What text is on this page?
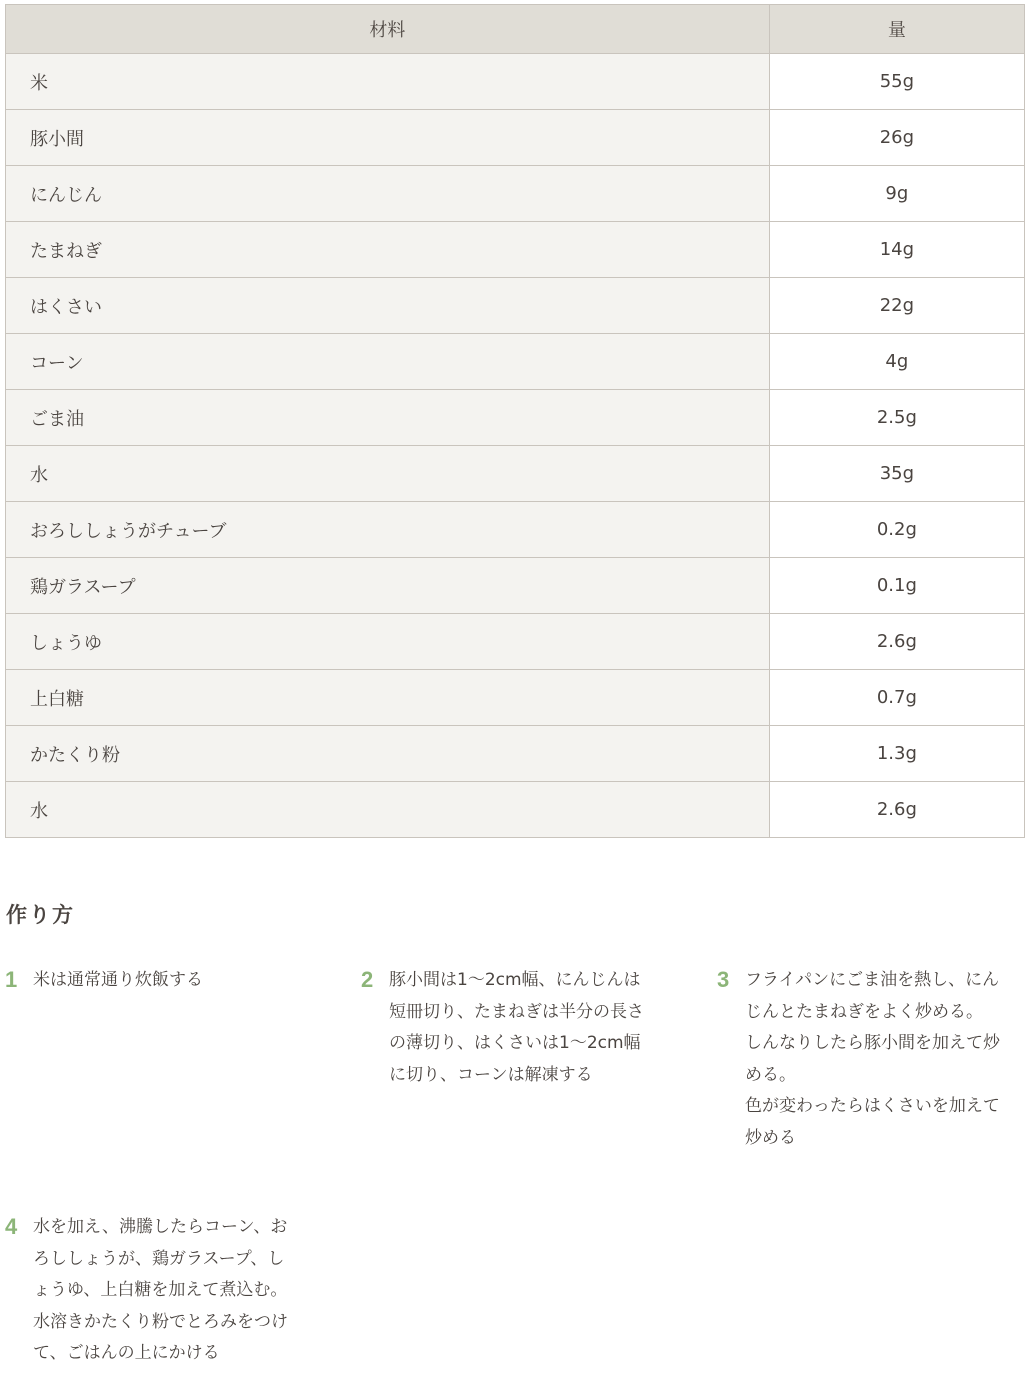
材料	量
米	55g
豚小間	26g
にんじん	9g
たまねぎ	14g
はくさい	22g
コーン	4g
ごま油	2.5g
水	35g
おろししょうがチューブ	0.2g
鶏ガラスープ	0.1g
しょうゆ	2.6g
上白糖	0.7g
かたくり粉	1.3g
水	2.6g
作り方
1 米は通常通り炊飯する	2 豚小間は1〜2cm幅、にんじんは
短冊切り、たまねぎは半分の長さ
の薄切り、はくさいは1〜2cm幅
に切り、コーンは解凍する
3 フライパンにごま油を熱し、にん
じんとたまねぎをよく炒める。
しんなりしたら豚小間を加えて炒
める。
色が変わったらはくさいを加えて
炒める
4 水を加え、沸騰したらコーン、お
ろししょうが、鶏ガラスープ、し
ょうゆ、上白糖を加えて煮込む。
水溶きかたくり粉でとろみをつけ
て、ごはんの上にかける
